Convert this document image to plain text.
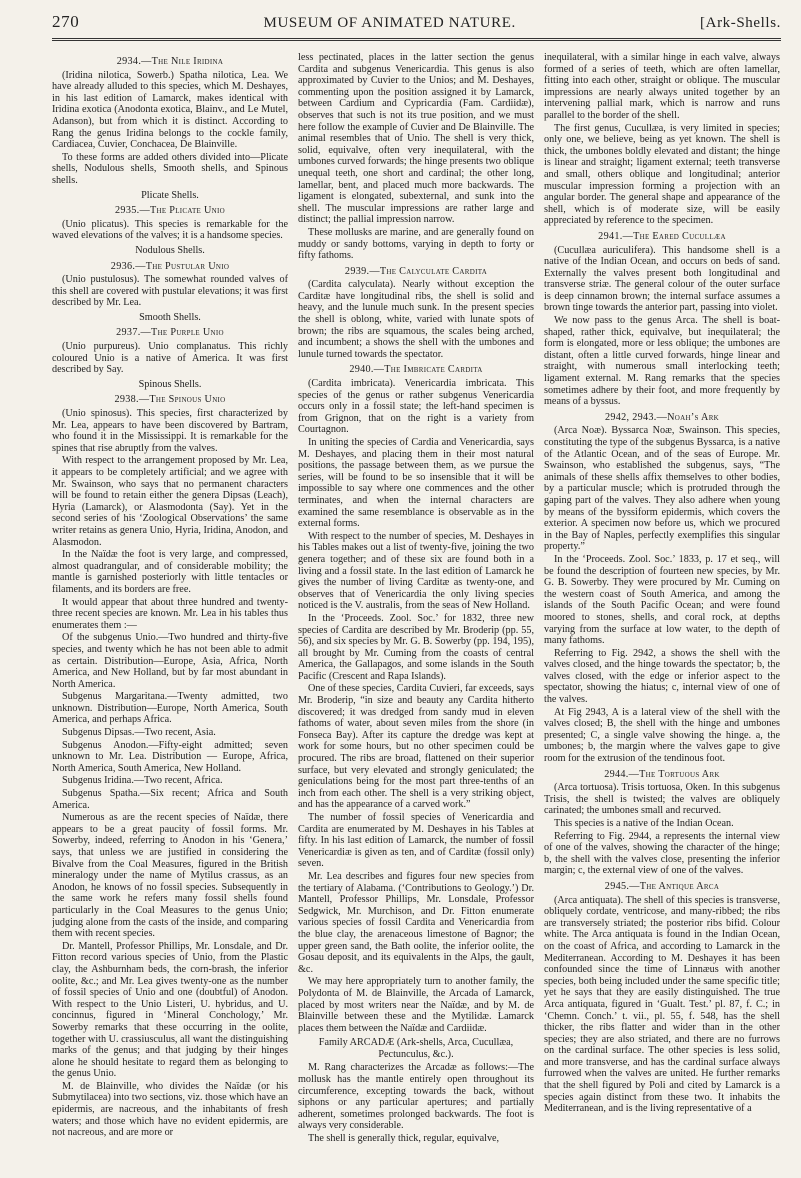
270	MUSEUM OF ANIMATED NATURE.	[Ark-Shells.
2934.—The Nile Iridina

(Iridina nilotica, Sowerb.) Spatha nilotica, Lea. We have already alluded to this species, which M. Deshayes, in his last edition of Lamarck, makes identical with Iridina exotica (Anodonta exotica, Blainv., and Le Mutel, Adanson), but from which it is distinct. According to Rang the genus Iridina belongs to the cockle family, Cardiacea, Cuvier, Conchacea, De Blainville.

To these forms are added others divided into—Plicate shells, Nodulous shells, Smooth shells, and Spinous shells.

Plicate Shells.
2935.—The Plicate Unio

(Unio plicatus). This species is remarkable for the waved elevations of the valves; it is a handsome species.

Nodulous Shells.
2936.—The Pustular Unio

(Unio pustulosus). The somewhat rounded valves of this shell are covered with pustular elevations; it was first described by Mr. Lea.

Smooth Shells.
2937.—The Purple Unio

(Unio purpureus). Unio complanatus. This richly coloured Unio is a native of America. It was first described by Say.

Spinous Shells.
2938.—The Spinous Unio

(Unio spinosus). This species, first characterized by Mr. Lea, appears to have been discovered by Bartram, who found it in the Mississippi. It is remarkable for the spines that rise abruptly from the valves.

With respect to the arrangement proposed by Mr. Lea, it appears to be completely artificial; and we agree with Mr. Swainson, who says that no permanent characters will be found to retain either the genera Dipsas (Leach), Hyria (Lamarck), or Alasmodonta (Say). Yet in the second series of his ‘Zoological Observations’ the same writer retains as genera Unio, Hyria, Iridina, Anodon, and Alasmodon.

In the Naïdæ the foot is very large, and compressed, almost quadrangular, and of considerable mobility; the mantle is garnished posteriorly with little tentacles or filaments, and its borders are free.

It would appear that about three hundred and twenty-three recent species are known. Mr. Lea in his tables thus enumerates them :—

Of the subgenus Unio.—Two hundred and thirty-five species, and twenty which he has not been able to admit as certain. Distribution—Europe, Asia, Africa, North America, and New Holland, but by far most abundant in North America.

Subgenus Margaritana.—Twenty admitted, two unknown. Distribution—Europe, North America, South America, and perhaps Africa.

Subgenus Dipsas.—Two recent, Asia.

Subgenus Anodon.—Fifty-eight admitted; seven unknown to Mr. Lea. Distribution — Europe, Africa, North America, South America, New Holland.

Subgenus Iridina.—Two recent, Africa.

Subgenus Spatha.—Six recent; Africa and South America.

Numerous as are the recent species of Naïdæ, there appears to be a great paucity of fossil forms. Mr. Sowerby, indeed, referring to Anodon in his ‘Genera,’ says, that unless we are justified in considering the Bivalve from the Coal Measures, figured in the British mineralogy under the name of Mytilus crassus, as an Anodon, he knows of no fossil species. Subsequently in the same work he refers many fossil shells found particularly in the Coal Measures to the genus Unio; judging alone from the casts of the inside, and comparing them with recent species.

Dr. Mantell, Professor Phillips, Mr. Lonsdale, and Dr. Fitton record various species of Unio, from the Plastic clay, the Ashburnham beds, the corn-brash, the inferior oolite, &c.; and Mr. Lea gives twenty-one as the number of fossil species of Unio and one (doubtful) of Anodon. With respect to the Unio Listeri, U. hybridus, and U. concinnus, figured in ‘Mineral Conchology,’ Mr. Sowerby remarks that these occurring in the oolite, together with U. crassiusculus, all want the distinguishing marks of the genus; and that judging by their hinges alone he should hesitate to regard them as belonging to the genus Unio.

M. de Blainville, who divides the Naïdæ (or his Submytilacea) into two sections, viz. those which have an epidermis, are nacreous, and the inhabitants of fresh waters; and those which have no evident epidermis, are not nacreous, and are more or

less pectinated, places in the latter section the genus Cardita and subgenus Venericardia. This genus is also approximated by Cuvier to the Unios; and M. Deshayes, commenting upon the position assigned it by Lamarck, between Cardium and Cypricardia (Fam. Cardiidæ), observes that such is not its true position, and we must here follow the example of Cuvier and De Blainville. The animal resembles that of Unio. The shell is very thick, solid, equivalve, often very inequilateral, with the umbones curved forwards; the hinge presents two oblique unequal teeth, one short and cardinal; the other long, lamellar, bent, and placed much more backwards. The ligament is elongated, subexternal, and sunk into the shell. The muscular impressions are rather large and distinct; the pallial impression narrow.

These mollusks are marine, and are generally found on muddy or sandy bottoms, varying in depth to forty or fifty fathoms.

2939.—The Calyculate Cardita

(Cardita calyculata). Nearly without exception the Carditæ have longitudinal ribs, the shell is solid and heavy, and the lunule much sunk. In the present species the shell is oblong, white, varied with lunate spots of brown; the ribs are squamous, the scales being arched, and incumbent; a shows the shell with the umbones and lunule turned towards the spectator.

2940.—The Imbricate Cardita

(Cardita imbricata). Venericardia imbricata. This species of the genus or rather subgenus Venericardia occurs only in a fossil state; the left-hand specimen is from Grignon, that on the right is a variety from Courtagnon.

In uniting the species of Cardia and Venericardia, says M. Deshayes, and placing them in their most natural positions, the passage between them, as we pursue the series, will be found to be so insensible that it will be impossible to say where one commences and the other terminates, and when the internal characters are examined the same resemblance is observable as in the external forms.

With respect to the number of species, M. Deshayes in his Tables makes out a list of twenty-five, joining the two genera together; and of these six are found both in a living and a fossil state. In the last edition of Lamarck he gives the number of living Carditæ as twenty-one, and observes that of Venericardia the only living species noticed is the V. australis, from the seas of New Holland.

In the ‘Proceeds. Zool. Soc.’ for 1832, three new species of Cardita are described by Mr. Broderip (pp. 55, 56), and six species by Mr. G. B. Sowerby (pp. 194, 195), all brought by Mr. Cuming from the coasts of central America, the Gallapagos, and some islands in the South Pacific (Crescent and Rapa Islands).

One of these species, Cardita Cuvieri, far exceeds, says Mr. Broderip, “in size and beauty any Cardita hitherto discovered; it was dredged from sandy mud in eleven fathoms of water, about seven miles from the shore (in Fonseca Bay). After its capture the dredge was kept at work for some hours, but no other specimen could be procured. The ribs are broad, flattened on their superior surface, but very elevated and strongly geniculated; the geniculations being for the most part three-tenths of an inch from each other. The shell is a very striking object, and has the appearance of a carved work.”

The number of fossil species of Venericardia and Cardita are enumerated by M. Deshayes in his Tables at fifty. In his last edition of Lamarck, the number of fossil Venericardiæ is given as ten, and of Carditæ (fossil only) seven.

Mr. Lea describes and figures four new species from the tertiary of Alabama. (‘Contributions to Geology.’) Dr. Mantell, Professor Phillips, Mr. Lonsdale, Professor Sedgwick, Mr. Murchison, and Dr. Fitton enumerate various species of fossil Cardita and Venericardia from the blue clay, the arenaceous limestone of Bagnor; the upper green sand, the Bath oolite, the inferior oolite, the Gosau deposit, and its equivalents in the Alps, the gault, &c.

We may here appropriately turn to another family, the Polydonta of M. de Blainville, the Arcada of Lamarck, placed by most writers near the Naïdæ, and by M. de Blainville between these and the Mytilidæ. Lamarck places them between the Naïdæ and Cardiidæ.

Family ARCADÆ (Ark-shells, Arca, Cucullæa, Pectunculus, &c.).

M. Rang characterizes the Arcadæ as follows:—The mollusk has the mantle entirely open throughout its circumference, excepting towards the back, without siphons or any particular apertures; and partially adherent, sometimes prolonged backwards. The foot is always very considerable.

The shell is generally thick, regular, equivalve,

inequilateral, with a similar hinge in each valve, always formed of a series of teeth, which are often lamellar, fitting into each other, straight or oblique. The muscular impressions are nearly always united together by an intervening pallial mark, which is narrow and runs parallel to the border of the shell.

The first genus, Cucullæa, is very limited in species; only one, we believe, being as yet known. The shell is thick, the umbones boldly elevated and distant; the hinge is linear and straight; ligament external; teeth transverse and small, others oblique and longitudinal; anterior muscular impression forming a projection with an angular border. The general shape and appearance of the shell, which is of moderate size, will be easily appreciated by reference to the specimen.

2941.—The Eared Cucullæa

(Cucullæa auriculifera). This handsome shell is a native of the Indian Ocean, and occurs on beds of sand. Externally the valves present both longitudinal and transverse striæ. The general colour of the outer surface is deep cinnamon brown; the internal surface assumes a brown tinge towards the anterior part, passing into violet.

We now pass to the genus Arca. The shell is boat-shaped, rather thick, equivalve, but inequilateral; the form is elongated, more or less oblique; the umbones are distant, often a little curved forwards, hinge linear and straight, with numerous small interlocking teeth; ligament external. M. Rang remarks that the species sometimes adhere by their foot, and more frequently by means of a byssus.

2942, 2943.—Noah’s Ark

(Arca Noæ). Byssarca Noæ, Swainson. This species, constituting the type of the subgenus Byssarca, is a native of the Atlantic Ocean, and of the seas of Europe. Mr. Swainson, who established the subgenus, says, “The animals of these shells affix themselves to other bodies, by a particular muscle; which is protruded through the gaping part of the valves. They also adhere when young by means of the byssiform epidermis, which covers the exterior. A specimen now before us, which we procured in the Bay of Naples, perfectly exemplifies this singular property.”

In the ‘Proceeds. Zool. Soc.’ 1833, p. 17 et seq., will be found the description of fourteen new species, by Mr. G. B. Sowerby. They were procured by Mr. Cuming on the western coast of South America, and among the islands of the South Pacific Ocean; and were found moored to stones, shells, and coral rock, at depths varying from the surface at low water, to the depth of many fathoms.

Referring to Fig. 2942, a shows the shell with the valves closed, and the hinge towards the spectator; b, the valves closed, with the edge or inferior aspect to the spectator, showing the hiatus; c, internal view of one of the valves.

At Fig 2943, A is a lateral view of the shell with the valves closed; B, the shell with the hinge and umbones presented; C, a single valve showing the hinge. a, the umbones; b, the margin where the valves gape to give room for the extrusion of the tendinous foot.

2944.—The Tortuous Ark

(Arca tortuosa). Trisis tortuosa, Oken. In this subgenus Trisis, the shell is twisted; the valves are obliquely carinated; the umbones small and recurved.

This species is a native of the Indian Ocean.

Referring to Fig. 2944, a represents the internal view of one of the valves, showing the character of the hinge; b, the shell with the valves close, presenting the inferior margin; c, the external view of one of the valves.

2945.—The Antique Arca

(Arca antiquata). The shell of this species is transverse, obliquely cordate, ventricose, and many-ribbed; the ribs are transversely striated; the posterior ribs bifid. Colour white. The Arca antiquata is found in the Indian Ocean, on the coast of Africa, and according to Lamarck in the Mediterranean. According to M. Deshayes it has been confounded since the time of Linnæus with another species, both being included under the same specific title; yet he says that they are easily distinguished. The true Arca antiquata, figured in ‘Gualt. Test.’ pl. 87, f. C.; in ‘Chemn. Conch.’ t. vii., pl. 55, f. 548, has the shell thicker, the ribs flatter and wider than in the other species; they are also striated, and there are no furrows on the cardinal surface. The other species is less solid, and more transverse, and has the cardinal surface always furrowed when the valves are united. He further remarks that the shell figured by Poli and cited by Lamarck is a species again distinct from these two. It inhabits the Mediterranean, and is the living representative of a
